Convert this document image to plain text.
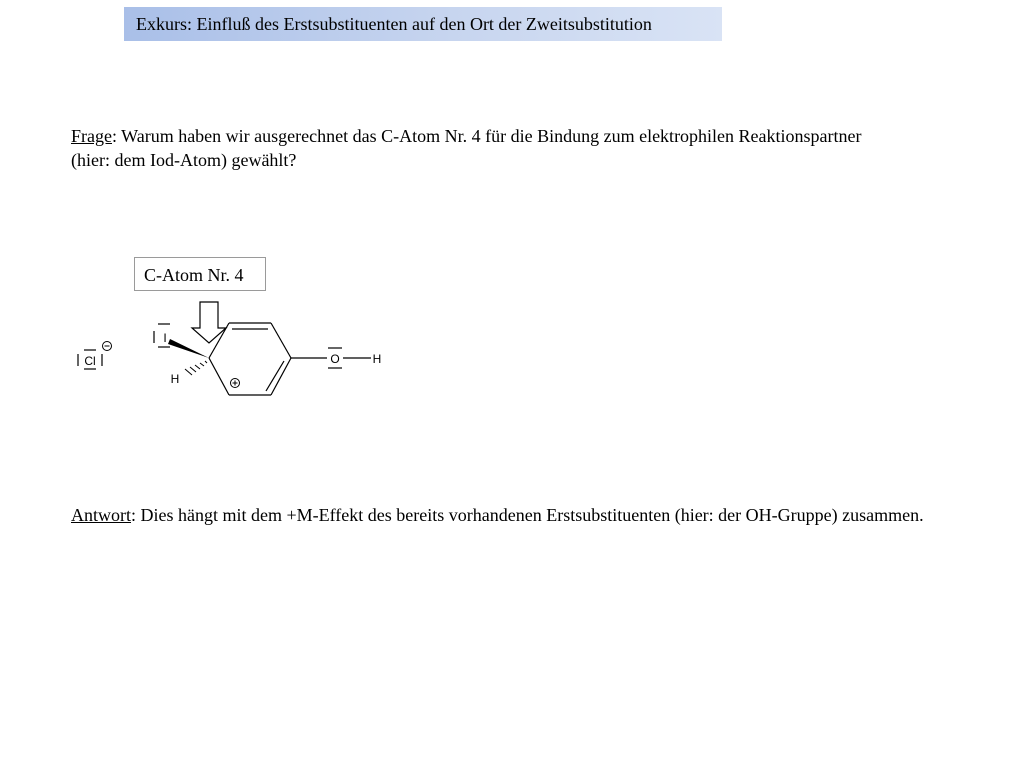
Exkurs: Einfluß des Erstsubstituenten auf den Ort der Zweitsubstitution
Frage: Warum haben wir ausgerechnet das C-Atom Nr. 4 für die Bindung zum elektrophilen Reaktionspartner
(hier: dem Iod-Atom) gewählt?
C-Atom Nr. 4
Cl
I
H
O	H
Antwort: Dies hängt mit dem +M-Effekt des bereits vorhandenen Erstsubstituenten (hier: der OH-Gruppe) zusammen.
